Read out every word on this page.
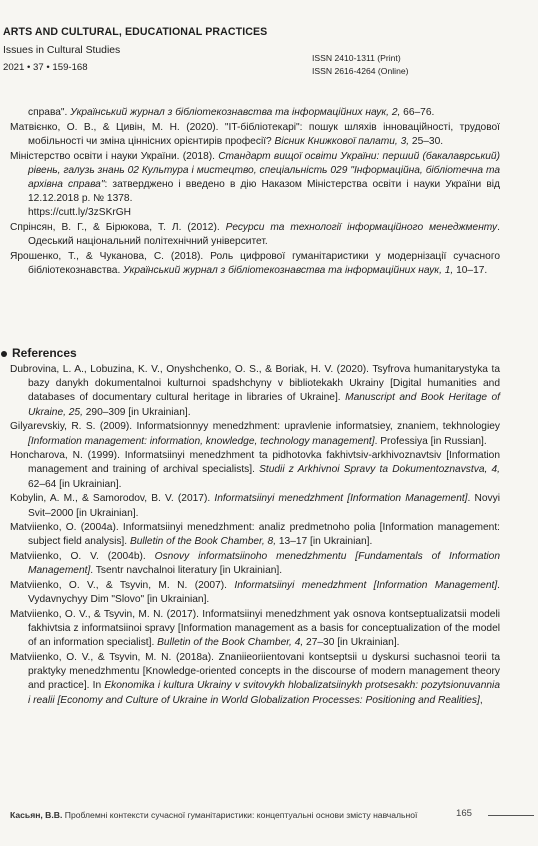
ARTS AND CULTURAL, EDUCATIONAL PRACTICES
Issues in Cultural Studies
2021 • 37 • 159-168
ISSN 2410-1311 (Print)
ISSN 2616-4264 (Online)

справа". Український журнал з бібліотекознавства та інформаційних наук, 2, 66–76.

Матвієнко, О. В., & Цивін, М. Н. (2020). "IT-бібліотекарі": пошук шляхів інноваційності, трудової мобільності чи зміна ціннісних орієнтирів професії? Вісник Книжкової палати, 3, 25–30.

Міністерство освіти і науки України. (2018). Стандарт вищої освіти України: перший (бакалаврський) рівень, галузь знань 02 Культура і мистецтво, спеціальність 029 "Інформаційна, бібліотечна та архівна справа": затверджено і введено в дію Наказом Міністерства освіти і науки України від 12.12.2018 р. № 1378.
https://cutt.ly/3zSKrGH

Спрінсян, В. Г., & Бірюкова, Т. Л. (2012). Ресурси та технології інформаційного менеджменту. Одеський національний політехнічний університет.

Ярошенко, Т., & Чуканова, С. (2018). Роль цифрової гуманітаристики у модернізації сучасного бібліотекознавства. Український журнал з бібліотекознавства та інформаційних наук, 1, 10–17.

References

Dubrovina, L. A., Lobuzina, K. V., Onyshchenko, O. S., & Boriak, H. V. (2020). Tsyfrova humanitarystyka ta bazy danykh dokumentalnoi kulturnoi spadshchyny v bibliotekakh Ukrainy [Digital humanities and databases of documentary cultural heritage in libraries of Ukraine]. Manuscript and Book Heritage of Ukraine, 25, 290–309 [in Ukrainian].

Gilyarevskiy, R. S. (2009). Informatsionnyy menedzhment: upravlenie informatsiey, znaniem, tekhnologiey [Information management: information, knowledge, technology management]. Professiya [in Russian].

Honcharova, N. (1999). Informatsiinyi menedzhment ta pidhotovka fakhivtsiv-arkhivoznavtsiv [Information management and training of archival specialists]. Studii z Arkhivnoi Spravy ta Dokumentoznavstva, 4, 62–64 [in Ukrainian].

Kobylin, A. M., & Samorodov, B. V. (2017). Informatsiinyi menedzhment [Information Management]. Novyi Svit–2000 [in Ukrainian].

Matviienko, O. (2004a). Informatsiinyi menedzhment: analiz predmetnoho polia [Information management: subject field analysis]. Bulletin of the Book Chamber, 8, 13–17 [in Ukrainian].

Matviienko, O. V. (2004b). Osnovy informatsiinoho menedzhmentu [Fundamentals of Information Management]. Tsentr navchalnoi literatury [in Ukrainian].

Matviienko, O. V., & Tsyvin, M. N. (2007). Informatsiinyi menedzhment [Information Management]. Vydavnychyy Dim "Slovo" [in Ukrainian].

Matviienko, O. V., & Tsyvin, M. N. (2017). Informatsiinyi menedzhment yak osnova kontseptualizatsii modeli fakhivtsia z informatsiinoi spravy [Information management as a basis for conceptualization of the model of an information specialist]. Bulletin of the Book Chamber, 4, 27–30 [in Ukrainian].

Matviienko, O. V., & Tsyvin, M. N. (2018a). Znaniieoriientovani kontseptsii u dyskursi suchasnoi teorii ta praktyky menedzhmentu [Knowledge-oriented concepts in the discourse of modern management theory and practice]. In Ekonomika i kultura Ukrainy v svitovykh hlobalizatsiinykh protsesakh: pozytsionuvannia i realii [Economy and Culture of Ukraine in World Globalization Processes: Positioning and Realities],

Касьян, В.В. Проблемні контексти сучасної гуманітаристики: концептуальні основи змісту навчальної	165
